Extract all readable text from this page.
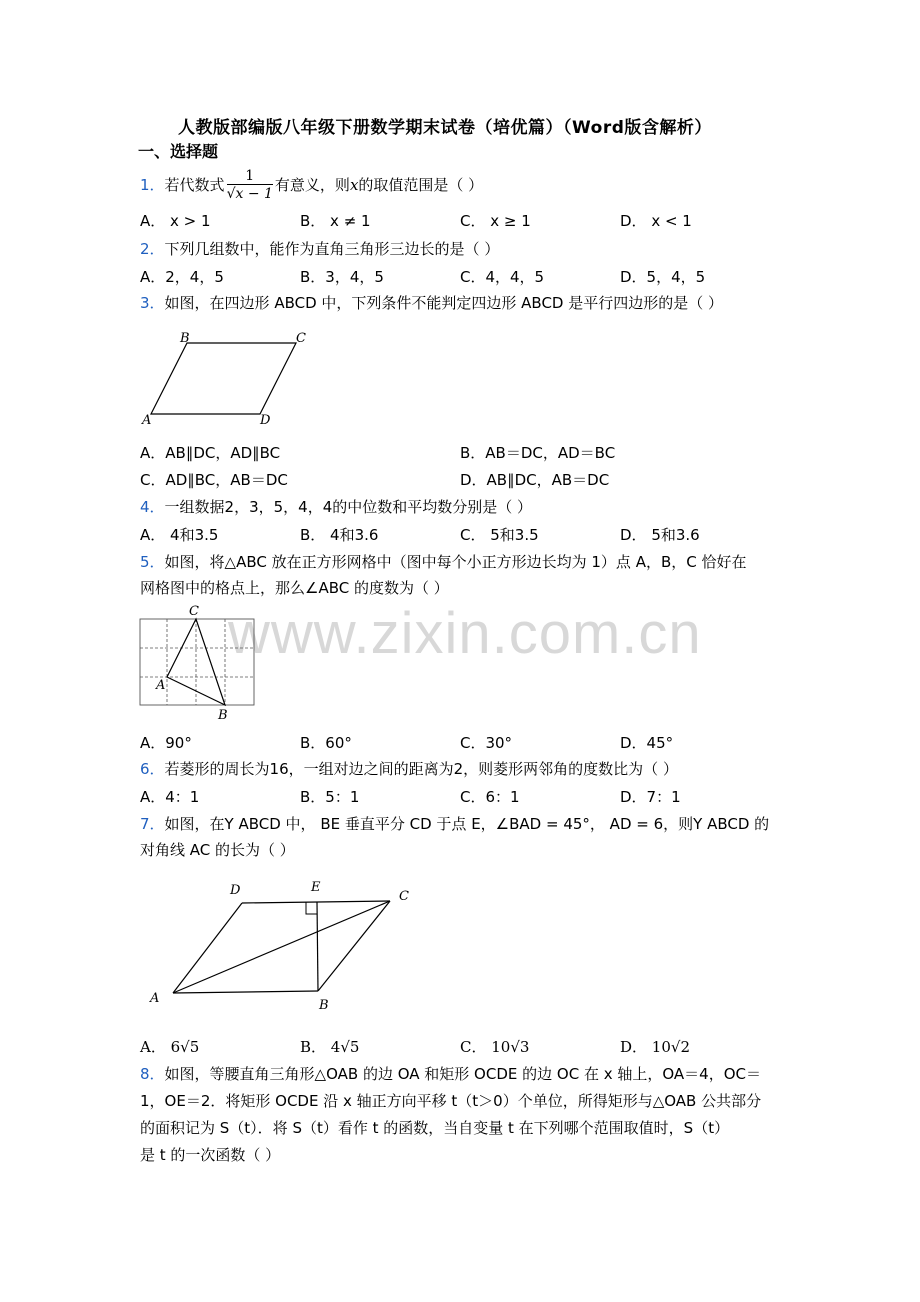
人教版部编版八年级下册数学期末试卷（培优篇）（Word版含解析）
一、选择题
www.zixin.com.cn
1．若代数式 $\frac{1}{√x - 1}$ 有意义，则x的取值范围是（ ）
A． x > 1	B． x ≠ 1	C． x ≥ 1	D． x < 1
2．下列几组数中，能作为直角三角形三边长的是（ ）
A．2，4，5	B．3，4，5	C．4，4，5	D．5，4，5
3．如图，在四边形 ABCD 中，下列条件不能判定四边形 ABCD 是平行四边形的是（ ）
B	C
A	D
A．AB∥DC，AD∥BC	B．AB＝DC，AD＝BC
C．AD∥BC，AB＝DC	D．AB∥DC，AB＝DC
4．一组数据2，3，5，4，4的中位数和平均数分别是（ ）
A． 4和3.5	B． 4和3.6	C． 5和3.5	D． 5和3.6
5．如图，将△ABC 放在正方形网格中（图中每个小正方形边长均为 1）点 A，B，C 恰好在
网格图中的格点上，那么∠ABC 的度数为（ ）
C
A
B
A．90°	B．60°	C．30°	D．45°
6．若菱形的周长为16，一组对边之间的距离为2，则菱形两邻角的度数比为（ ）
A．4：1	B．5：1	C．6：1	D．7：1
7．如图，在Y ABCD 中， BE 垂直平分 CD 于点 E，∠BAD = 45°， AD = 6，则Y ABCD 的
对角线 AC 的长为（ ）
D	E
C
A	B
A． 6√5	B． 4√5	C． 10√3	D． 10√2
8．如图，等腰直角三角形△OAB 的边 OA 和矩形 OCDE 的边 OC 在 x 轴上，OA＝4，OC＝
1，OE＝2．将矩形 OCDE 沿 x 轴正方向平移 t（t＞0）个单位，所得矩形与△OAB 公共部分
的面积记为 S（t）．将 S（t）看作 t 的函数，当自变量 t 在下列哪个范围取值时，S（t）
是 t 的一次函数（ ）
